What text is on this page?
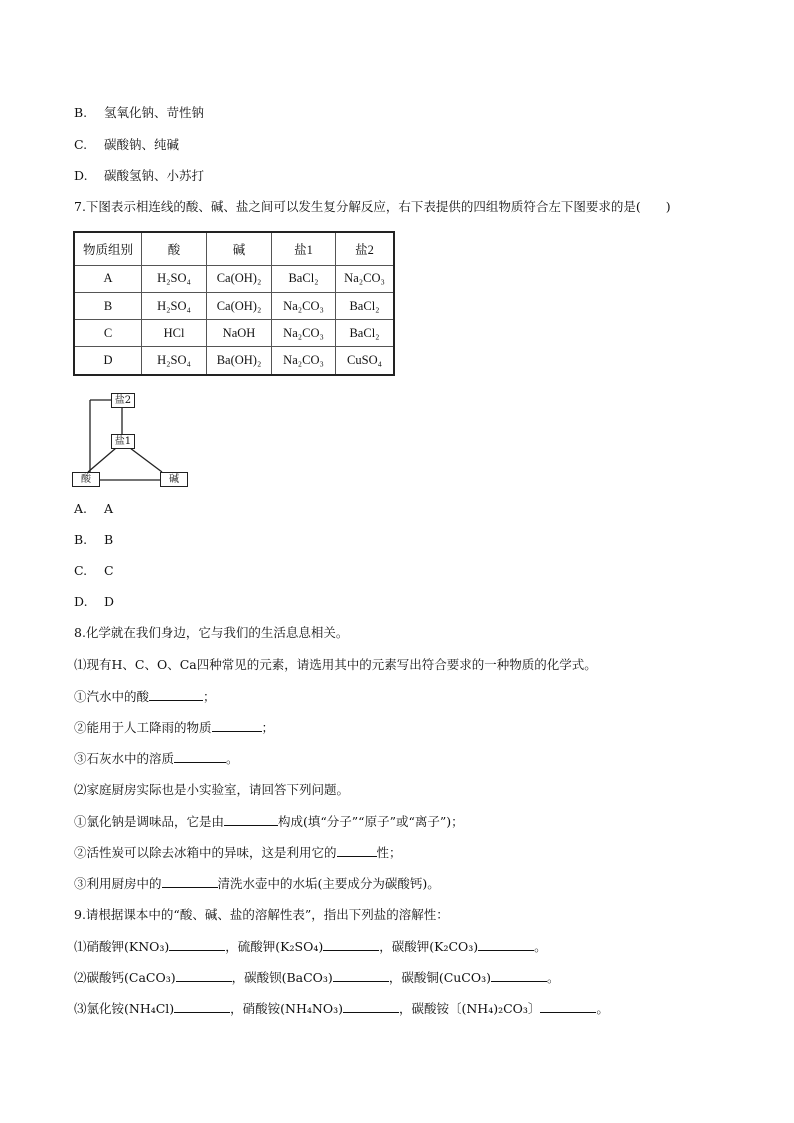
B. 氢氧化钠、苛性钠
C. 碳酸钠、纯碱
D. 碳酸氢钠、小苏打
7.下图表示相连线的酸、碱、盐之间可以发生复分解反应，右下表提供的四组物质符合左下图要求的是(　　)
物质组别	酸	碱	盐1	盐2
A	H₂SO₄	Ca(OH)₂	BaCl₂	Na₂CO₃
B	H₂SO₄	Ca(OH)₂	Na₂CO₃	BaCl₂
C	HCl	NaOH	Na₂CO₃	BaCl₂
D	H₂SO₄	Ba(OH)₂	Na₂CO₃	CuSO₄
盐2
盐1
酸	碱
A. A
B. B
C. C
D. D
8.化学就在我们身边，它与我们的生活息息相关。
⑴现有H、C、O、Ca四种常见的元素，请选用其中的元素写出符合要求的一种物质的化学式。
①汽水中的酸	；
②能用于人工降雨的物质	；
③石灰水中的溶质	。
⑵家庭厨房实际也是小实验室，请回答下列问题。
①氯化钠是调味品，它是由	构成(填“分子”“原子”或“离子”)；
②活性炭可以除去冰箱中的异味，这是利用它的	性；
③利用厨房中的	清洗水壶中的水垢(主要成分为碳酸钙)。
9.请根据课本中的“酸、碱、盐的溶解性表”，指出下列盐的溶解性：
⑴硝酸钾(KNO₃)	，硫酸钾(K₂SO₄)	，碳酸钾(K₂CO₃)	。
⑵碳酸钙(CaCO₃)	，碳酸钡(BaCO₃)	，碳酸铜(CuCO₃)	。
⑶氯化铵(NH₄Cl)	，硝酸铵(NH₄NO₃)	，碳酸铵〔(NH₄)₂CO₃〕	。
